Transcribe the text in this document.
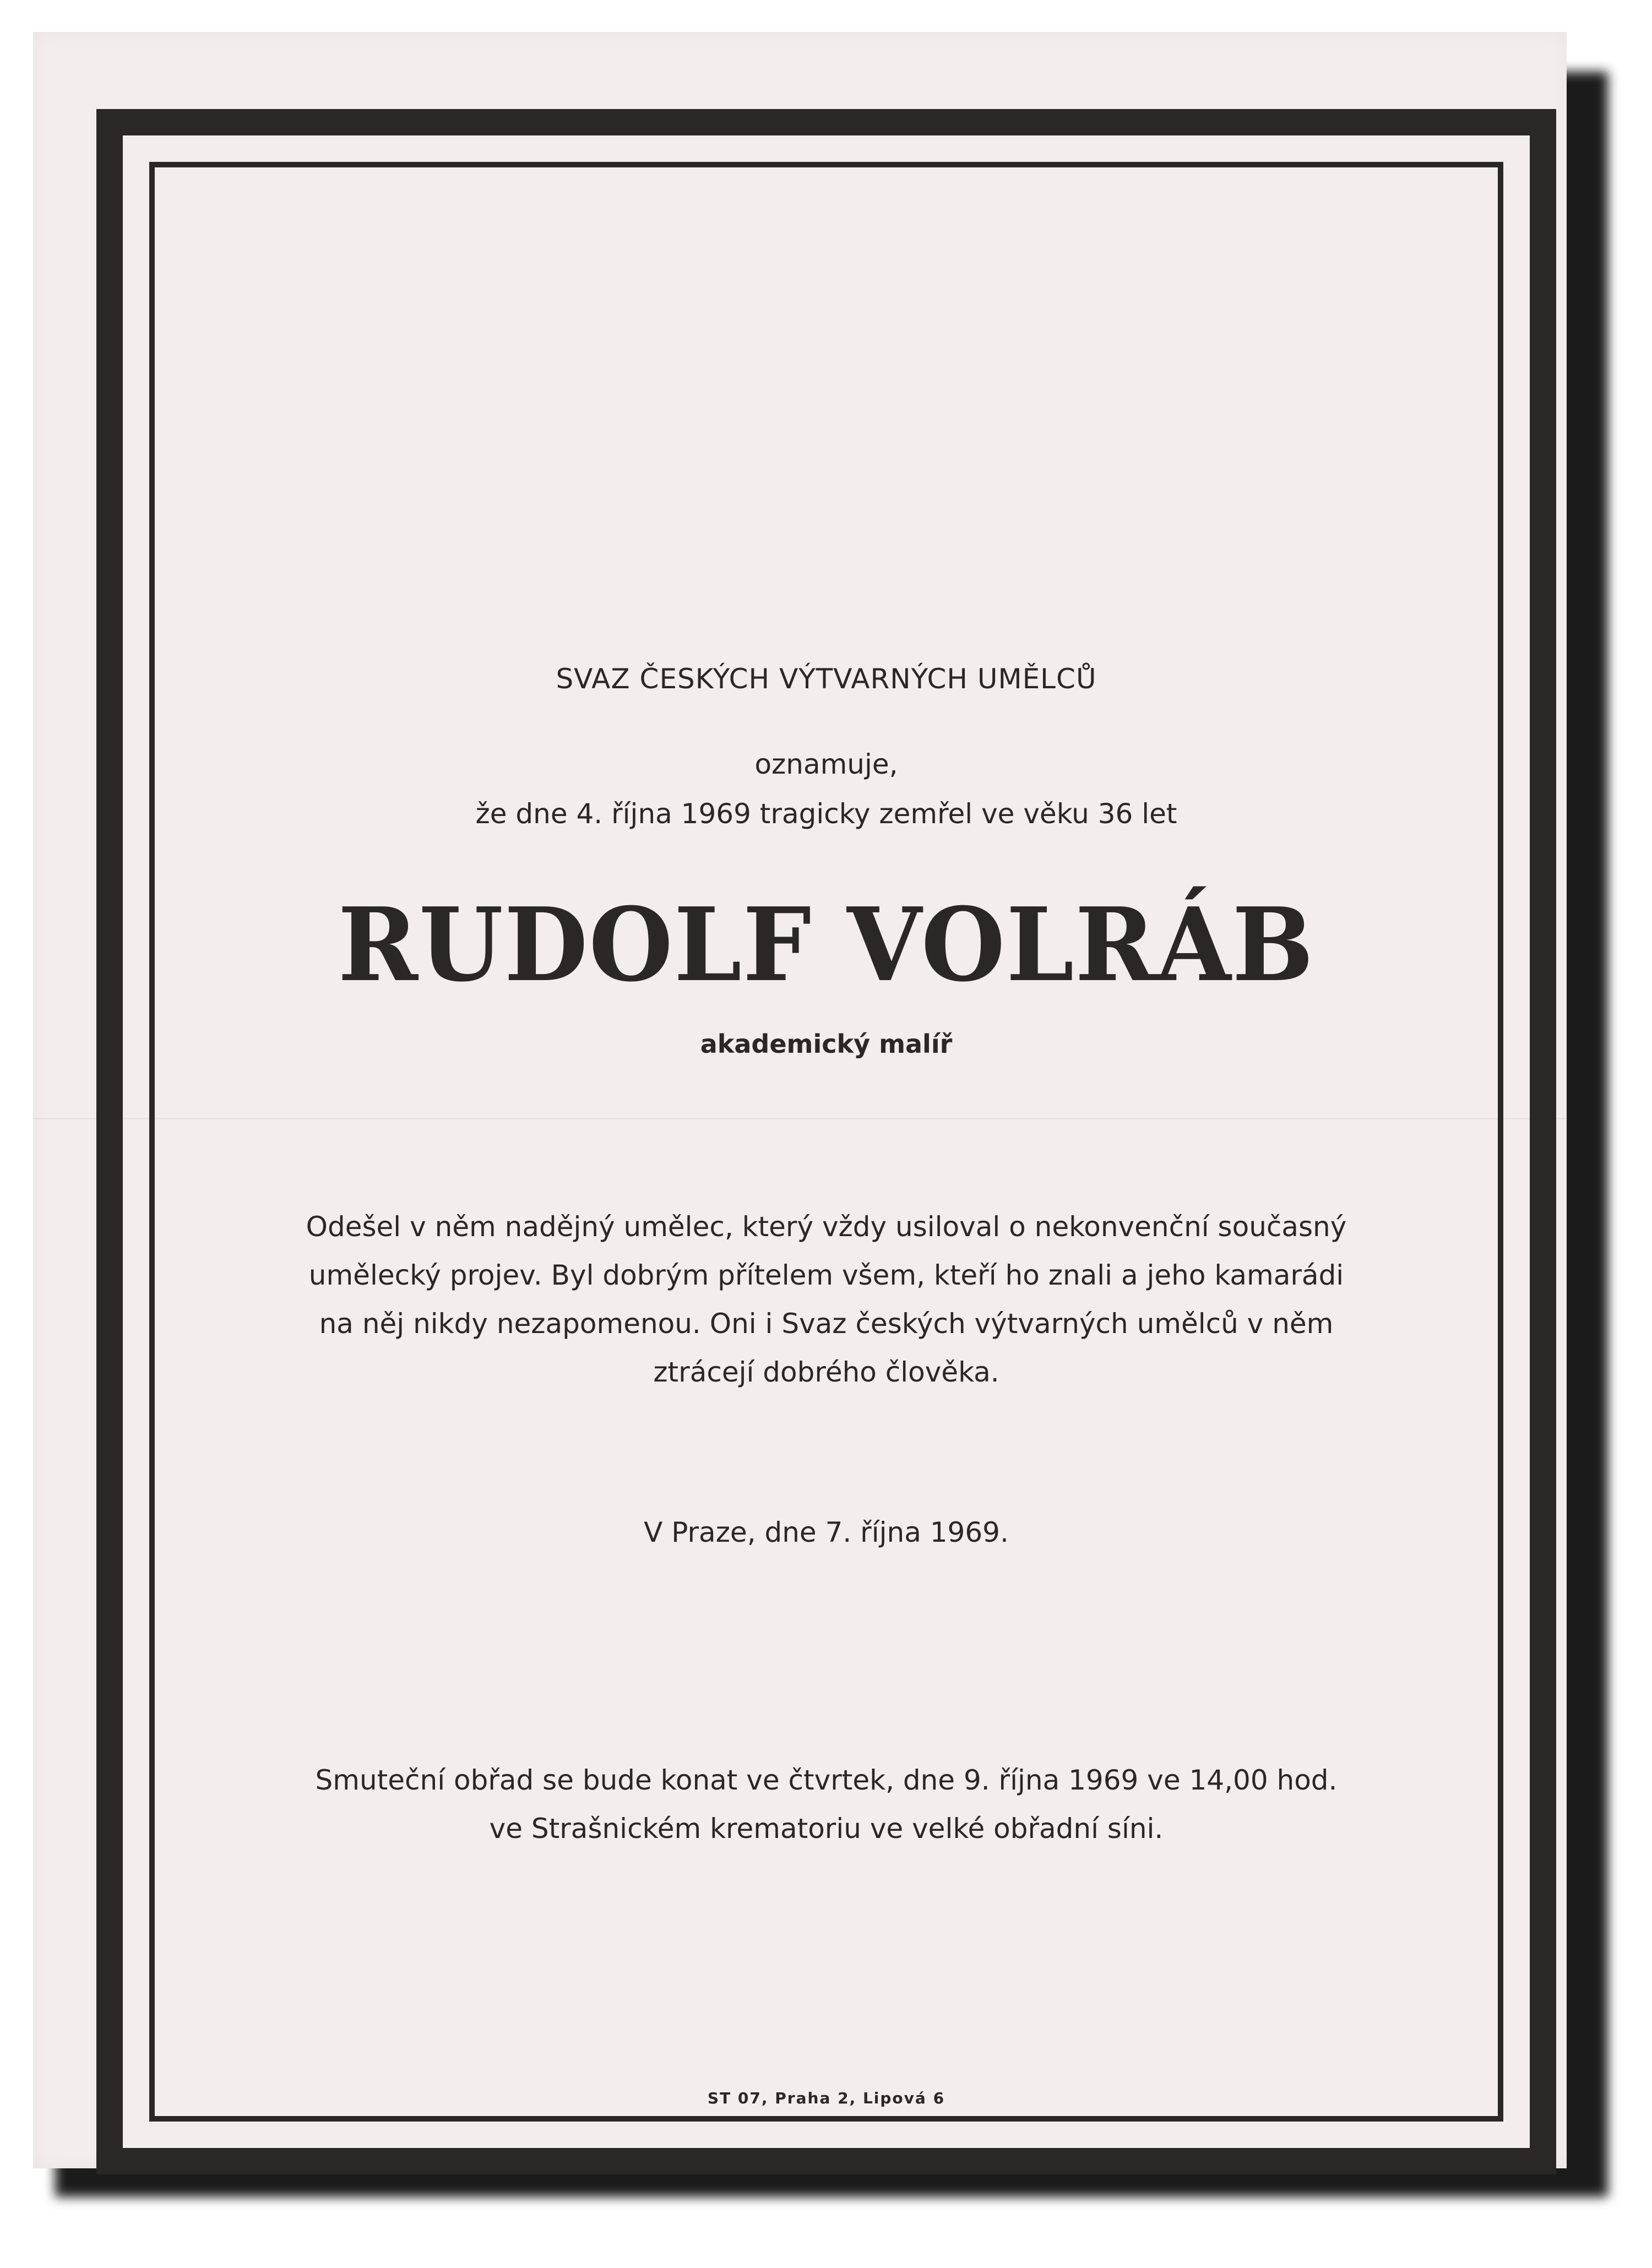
SVAZ ČESKÝCH VÝTVARNÝCH UMĚLCŮ
oznamuje,
že dne 4. října 1969 tragicky zemřel ve věku 36 let
RUDOLF VOLRÁB
akademický malíř
Odešel v něm nadějný umělec, který vždy usiloval o nekonvenční současný
umělecký projev. Byl dobrým přítelem všem, kteří ho znali a jeho kamarádi
na něj nikdy nezapomenou. Oni i Svaz českých výtvarných umělců v něm
ztrácejí dobrého člověka.
V Praze, dne 7. října 1969.
Smuteční obřad se bude konat ve čtvrtek, dne 9. října 1969 ve 14,00 hod.
ve Strašnickém krematoriu ve velké obřadní síni.
ST 07, Praha 2, Lipová 6
